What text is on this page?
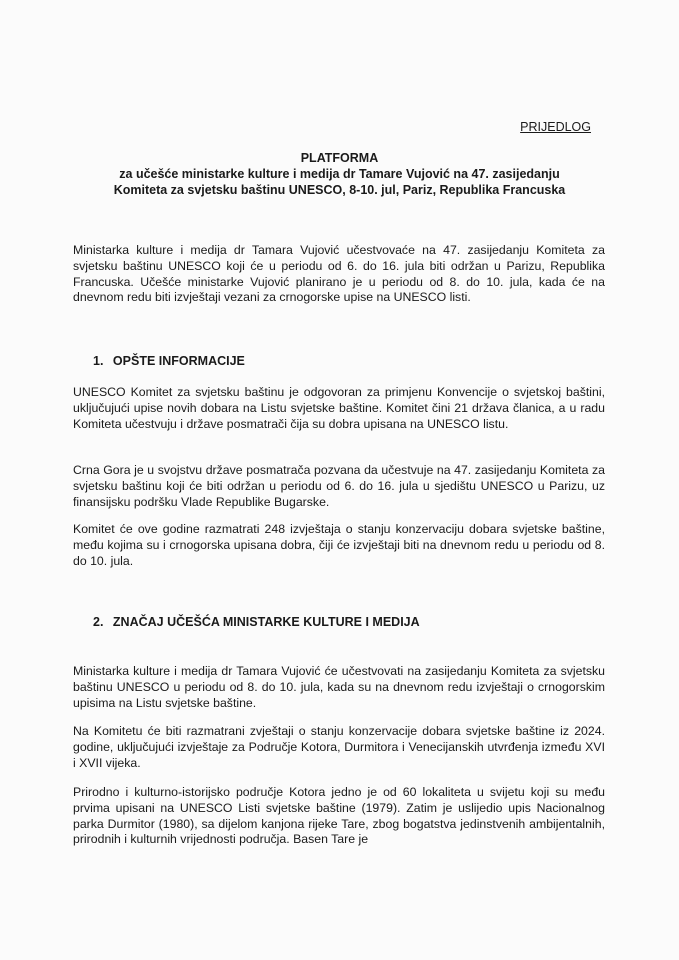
PRIJEDLOG
PLATFORMA
za učešće ministarke kulture i medija dr Tamare Vujović na 47. zasijedanju
Komiteta za svjetsku baštinu UNESCO, 8-10. jul, Pariz, Republika Francuska
Ministarka kulture i medija dr Tamara Vujović učestvovaće na 47. zasijedanju Komiteta za svjetsku baštinu UNESCO koji će u periodu od 6. do 16. jula biti održan u Parizu, Republika Francuska. Učešće ministarke Vujović planirano je u periodu od 8. do 10. jula, kada će na dnevnom redu biti izvještaji vezani za crnogorske upise na UNESCO listi.
1. OPŠTE INFORMACIJE
UNESCO Komitet za svjetsku baštinu je odgovoran za primjenu Konvencije o svjetskoj baštini, uključujući upise novih dobara na Listu svjetske baštine. Komitet čini 21 država članica, a u radu Komiteta učestvuju i države posmatrači čija su dobra upisana na UNESCO listu.
Crna Gora je u svojstvu države posmatrača pozvana da učestvuje na 47. zasijedanju Komiteta za svjetsku baštinu koji će biti održan u periodu od 6. do 16. jula u sjedištu UNESCO u Parizu, uz finansijsku podršku Vlade Republike Bugarske.
Komitet će ove godine razmatrati 248 izvještaja o stanju konzervaciju dobara svjetske baštine, među kojima su i crnogorska upisana dobra, čiji će izvještaji biti na dnevnom redu u periodu od 8. do 10. jula.
2. ZNAČAJ UČEŠĆA MINISTARKE KULTURE I MEDIJA
Ministarka kulture i medija dr Tamara Vujović će učestvovati na zasijedanju Komiteta za svjetsku baštinu UNESCO u periodu od 8. do 10. jula, kada su na dnevnom redu izvještaji o crnogorskim upisima na Listu svjetske baštine.
Na Komitetu će biti razmatrani zvještaji o stanju konzervacije dobara svjetske baštine iz 2024. godine, uključujući izvještaje za Područje Kotora, Durmitora i Venecijanskih utvrđenja između XVI i XVII vijeka.
Prirodno i kulturno-istorijsko područje Kotora jedno je od 60 lokaliteta u svijetu koji su među prvima upisani na UNESCO Listi svjetske baštine (1979). Zatim je uslijedio upis Nacionalnog parka Durmitor (1980), sa dijelom kanjona rijeke Tare, zbog bogatstva jedinstvenih ambijentalnih, prirodnih i kulturnih vrijednosti područja. Basen Tare je
